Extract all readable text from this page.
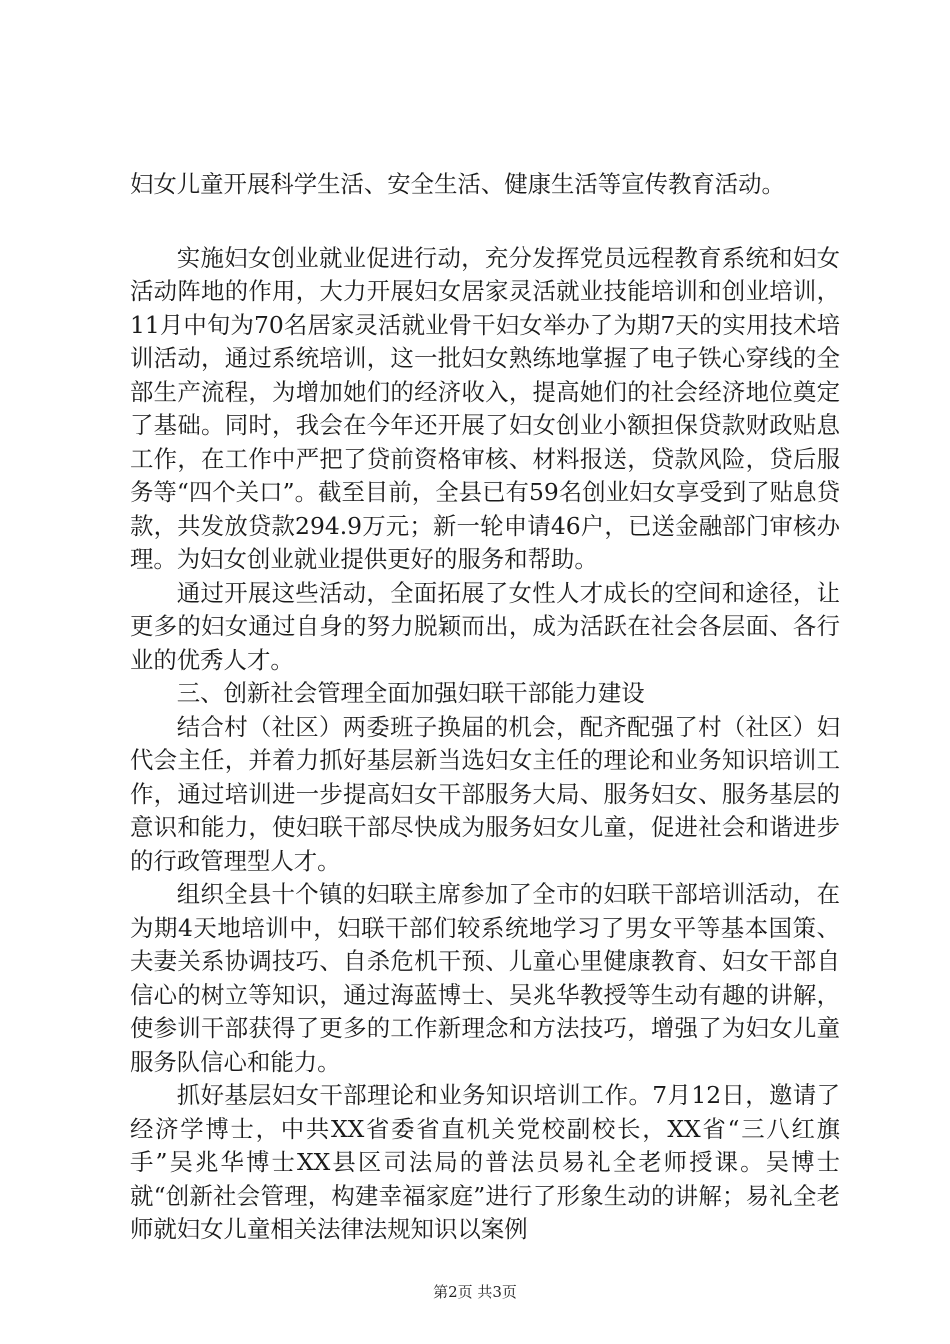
妇女儿童开展科学生活、安全生活、健康生活等宣传教育活动。

实施妇女创业就业促进行动，充分发挥党员远程教育系统和妇女活动阵地的作用，大力开展妇女居家灵活就业技能培训和创业培训，11月中旬为70名居家灵活就业骨干妇女举办了为期7天的实用技术培训活动，通过系统培训，这一批妇女熟练地掌握了电子铁心穿线的全部生产流程，为增加她们的经济收入，提高她们的社会经济地位奠定了基础。同时，我会在今年还开展了妇女创业小额担保贷款财政贴息工作，在工作中严把了贷前资格审核、材料报送，贷款风险，贷后服务等“四个关口”。截至目前，全县已有59名创业妇女享受到了贴息贷款，共发放贷款294.9万元；新一轮申请46户，已送金融部门审核办理。为妇女创业就业提供更好的服务和帮助。

通过开展这些活动，全面拓展了女性人才成长的空间和途径，让更多的妇女通过自身的努力脱颖而出，成为活跃在社会各层面、各行业的优秀人才。

三、创新社会管理全面加强妇联干部能力建设

结合村（社区）两委班子换届的机会，配齐配强了村（社区）妇代会主任，并着力抓好基层新当选妇女主任的理论和业务知识培训工作，通过培训进一步提高妇女干部服务大局、服务妇女、服务基层的意识和能力，使妇联干部尽快成为服务妇女儿童，促进社会和谐进步的行政管理型人才。

组织全县十个镇的妇联主席参加了全市的妇联干部培训活动，在为期4天地培训中，妇联干部们较系统地学习了男女平等基本国策、夫妻关系协调技巧、自杀危机干预、儿童心里健康教育、妇女干部自信心的树立等知识，通过海蓝博士、吴兆华教授等生动有趣的讲解，使参训干部获得了更多的工作新理念和方法技巧，增强了为妇女儿童服务队信心和能力。

抓好基层妇女干部理论和业务知识培训工作。7月12日，邀请了经济学博士，中共XX省委省直机关党校副校长，XX省“三八红旗手”吴兆华博士XX县区司法局的普法员易礼全老师授课。吴博士就“创新社会管理，构建幸福家庭”进行了形象生动的讲解；易礼全老师就妇女儿童相关法律法规知识以案例

第2页 共3页
